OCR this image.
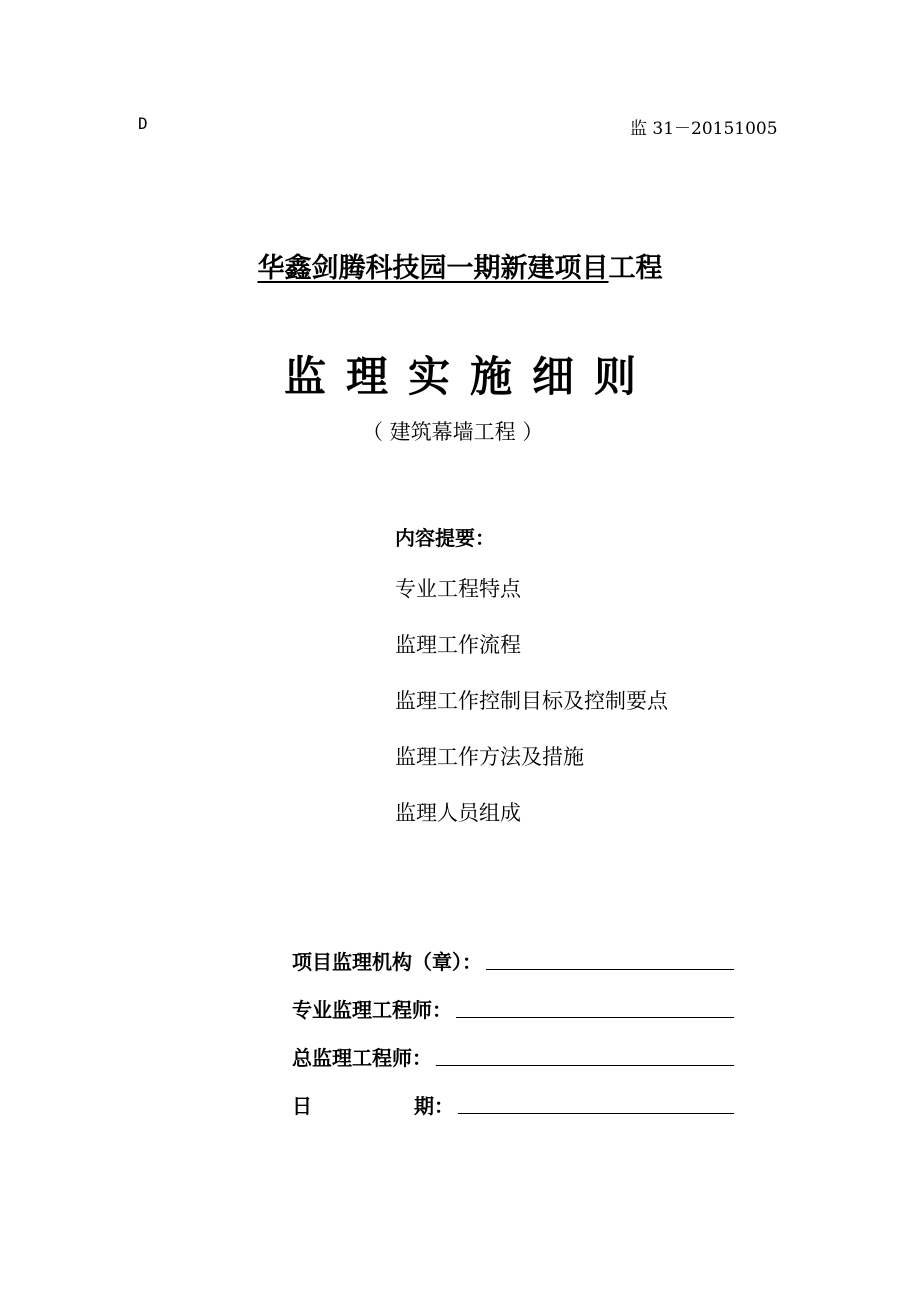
D	监 31－20151005
华鑫剑腾科技园一期新建项目工程
监理实施细则
（ 建筑幕墙工程 ）
内容提要：
专业工程特点
监理工作流程
监理工作控制目标及控制要点
监理工作方法及措施
监理人员组成
项目监理机构（章）：
专业监理工程师：
总监理工程师：
日	期：
